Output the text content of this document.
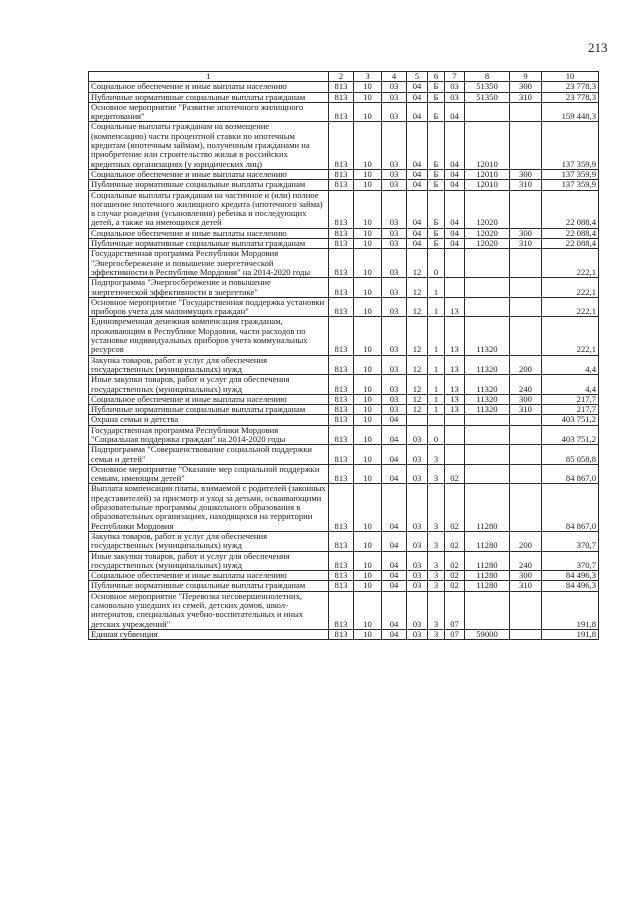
213
1	2	3	4	5	6	7	8	9	10
Социальное обеспечение и иные выплаты населению	813	10	03	04	Б	03	51350	300	23 778,3
Публичные нормативные социальные выплаты гражданам	813	10	03	04	Б	03	51350	310	23 778,3
Основное мероприятие "Развитие ипотечного жилищного кредитования"	813	10	03	04	Б	04			159 448,3
Социальные выплаты гражданам на возмещение (компенсацию) части процентной ставки по ипотечным кредитам (ипотечным займам), полученным гражданами на приобретение или строительство жилья в российских кредитных организациях (у юридических лиц)	813	10	03	04	Б	04	12010		137 359,9
Социальное обеспечение и иные выплаты населению	813	10	03	04	Б	04	12010	300	137 359,9
Публичные нормативные социальные выплаты гражданам	813	10	03	04	Б	04	12010	310	137 359,9
Социальные выплаты гражданам на частичное и (или) полное погашение ипотечного жилищного кредита (ипотечного займа) в случае рождения (усыновления) ребенка и последующих детей, а также на имеющихся детей	813	10	03	04	Б	04	12020		22 088,4
Социальное обеспечение и иные выплаты населению	813	10	03	04	Б	04	12020	300	22 088,4
Публичные нормативные социальные выплаты гражданам	813	10	03	04	Б	04	12020	310	22 088,4
Государственная программа Республики Мордовия "Энергосбережение и повышение энергетической эффективности в Республике Мордовия" на 2014-2020 годы	813	10	03	12	0				222,1
Подпрограмма "Энергосбережение и повышение энергетической эффективности в энергетике"	813	10	03	12	1				222,1
Основное мероприятие "Государственная поддержка установки приборов учета для малоимущих граждан"	813	10	03	12	1	13			222,1
Единовременная денежная компенсация гражданам, проживающим в Республике Мордовия, части расходов по установке индивидуальных приборов учета коммунальных ресурсов	813	10	03	12	1	13	11320		222,1
Закупка товаров, работ и услуг для обеспечения государственных (муниципальных) нужд	813	10	03	12	1	13	11320	200	4,4
Иные закупки товаров, работ и услуг для обеспечения государственных (муниципальных) нужд	813	10	03	12	1	13	11320	240	4,4
Социальное обеспечение и иные выплаты населению	813	10	03	12	1	13	11320	300	217,7
Публичные нормативные социальные выплаты гражданам	813	10	03	12	1	13	11320	310	217,7
Охрана семьи и детства	813	10	04						403 751,2
Государственная программа Республики Мордовия "Социальная поддержка граждан" на 2014-2020 годы	813	10	04	03	0				403 751,2
Подпрограмма "Совершенствование социальной поддержки семьи и детей"	813	10	04	03	3				85 058,8
Основное мероприятие "Оказание мер социальной поддержки семьям, имеющим детей"	813	10	04	03	3	02			84 867,0
Выплата компенсации платы, взимаемой с родителей (законных представителей) за присмотр и уход за детьми, осваивающими образовательные программы дошкольного образования в образовательных организациях, находящихся на территории Республики Мордовия	813	10	04	03	3	02	11280		84 867,0
Закупка товаров, работ и услуг для обеспечения государственных (муниципальных) нужд	813	10	04	03	3	02	11280	200	370,7
Иные закупки товаров, работ и услуг для обеспечения государственных (муниципальных) нужд	813	10	04	03	3	02	11280	240	370,7
Социальное обеспечение и иные выплаты населению	813	10	04	03	3	02	11280	300	84 496,3
Публичные нормативные социальные выплаты гражданам	813	10	04	03	3	02	11280	310	84 496,3
Основное мероприятие "Перевозка несовершеннолетних, самовольно ушедших из семей, детских домов, школ-интернатов, специальных учебно-воспитательных и иных детских учреждений"	813	10	04	03	3	07			191,8
Единая субвенция	813	10	04	03	3	07	59000		191,8
